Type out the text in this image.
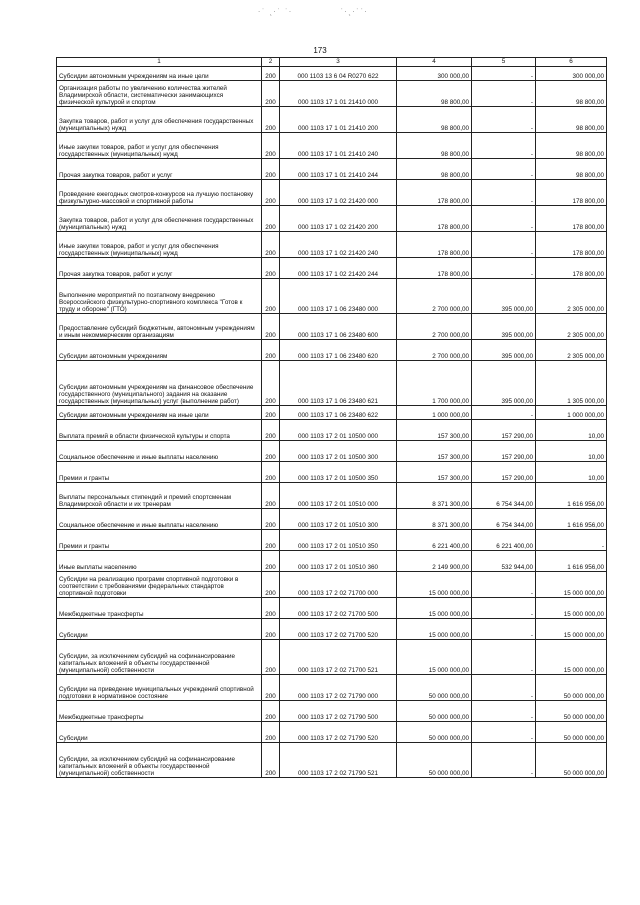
·˙ ˛·˙ ˙·	˙·˛·˙˙·
173
1	2	3	4	5	6
Субсидии автономным учреждениям на иные цели	200	000 1103 13 6 04 R0270 622	300 000,00	-	300 000,00
Организация работы по увеличению количества жителей Владимирской области, систематически занимающихся физической культурой и спортом	200	000 1103 17 1 01 21410 000	98 800,00	-	98 800,00
Закупка товаров, работ и услуг для обеспечения государственных (муниципальных) нужд	200	000 1103 17 1 01 21410 200	98 800,00	-	98 800,00
Иные закупки товаров, работ и услуг для обеспечения государственных (муниципальных) нужд	200	000 1103 17 1 01 21410 240	98 800,00	-	98 800,00
Прочая закупка товаров, работ и услуг	200	000 1103 17 1 01 21410 244	98 800,00	-	98 800,00
Проведение ежегодных смотров-конкурсов на лучшую постановку физкультурно-массовой и спортивной работы	200	000 1103 17 1 02 21420 000	178 800,00	-	178 800,00
Закупка товаров, работ и услуг для обеспечения государственных (муниципальных) нужд	200	000 1103 17 1 02 21420 200	178 800,00	-	178 800,00
Иные закупки товаров, работ и услуг для обеспечения государственных (муниципальных) нужд	200	000 1103 17 1 02 21420 240	178 800,00	-	178 800,00
Прочая закупка товаров, работ и услуг	200	000 1103 17 1 02 21420 244	178 800,00	-	178 800,00
Выполнение мероприятий по поэтапному внедрению Всероссийского физкультурно-спортивного комплекса "Готов к труду и обороне" (ГТО)	200	000 1103 17 1 06 23480 000	2 700 000,00	395 000,00	2 305 000,00
Предоставление субсидий бюджетным, автономным учреждениям и иным некоммерческим организациям	200	000 1103 17 1 06 23480 600	2 700 000,00	395 000,00	2 305 000,00
Субсидии автономным учреждениям	200	000 1103 17 1 06 23480 620	2 700 000,00	395 000,00	2 305 000,00
Субсидии автономным учреждениям на финансовое обеспечение государственного (муниципального) задания на оказание государственных (муниципальных) услуг (выполнение работ)	200	000 1103 17 1 06 23480 621	1 700 000,00	395 000,00	1 305 000,00
Субсидии автономным учреждениям на иные цели	200	000 1103 17 1 06 23480 622	1 000 000,00	-	1 000 000,00
Выплата премий в области физической культуры и спорта	200	000 1103 17 2 01 10500 000	157 300,00	157 290,00	10,00
Социальное обеспечение и иные выплаты населению	200	000 1103 17 2 01 10500 300	157 300,00	157 290,00	10,00
Премии и гранты	200	000 1103 17 2 01 10500 350	157 300,00	157 290,00	10,00
Выплаты персональных стипендий и премий спортсменам Владимирской области и их тренерам	200	000 1103 17 2 01 10510 000	8 371 300,00	6 754 344,00	1 616 956,00
Социальное обеспечение и иные выплаты населению	200	000 1103 17 2 01 10510 300	8 371 300,00	6 754 344,00	1 616 956,00
Премии и гранты	200	000 1103 17 2 01 10510 350	6 221 400,00	6 221 400,00	-
Иные выплаты населению	200	000 1103 17 2 01 10510 360	2 149 900,00	532 944,00	1 616 956,00
Субсидии на реализацию программ спортивной подготовки в соответствии с требованиями федеральных стандартов спортивной подготовки	200	000 1103 17 2 02 71700 000	15 000 000,00	-	15 000 000,00
Межбюджетные трансферты	200	000 1103 17 2 02 71700 500	15 000 000,00	-	15 000 000,00
Субсидии	200	000 1103 17 2 02 71700 520	15 000 000,00	-	15 000 000,00
Субсидии, за исключением субсидий на софинансирование капитальных вложений в объекты государственной (муниципальной) собственности	200	000 1103 17 2 02 71700 521	15 000 000,00	-	15 000 000,00
Субсидии на приведение муниципальных учреждений спортивной подготовки в нормативное состояние	200	000 1103 17 2 02 71790 000	50 000 000,00	-	50 000 000,00
Межбюджетные трансферты	200	000 1103 17 2 02 71790 500	50 000 000,00	-	50 000 000,00
Субсидии	200	000 1103 17 2 02 71790 520	50 000 000,00	-	50 000 000,00
Субсидии, за исключением субсидий на софинансирование капитальных вложений в объекты государственной (муниципальной) собственности	200	000 1103 17 2 02 71790 521	50 000 000,00	-	50 000 000,00
